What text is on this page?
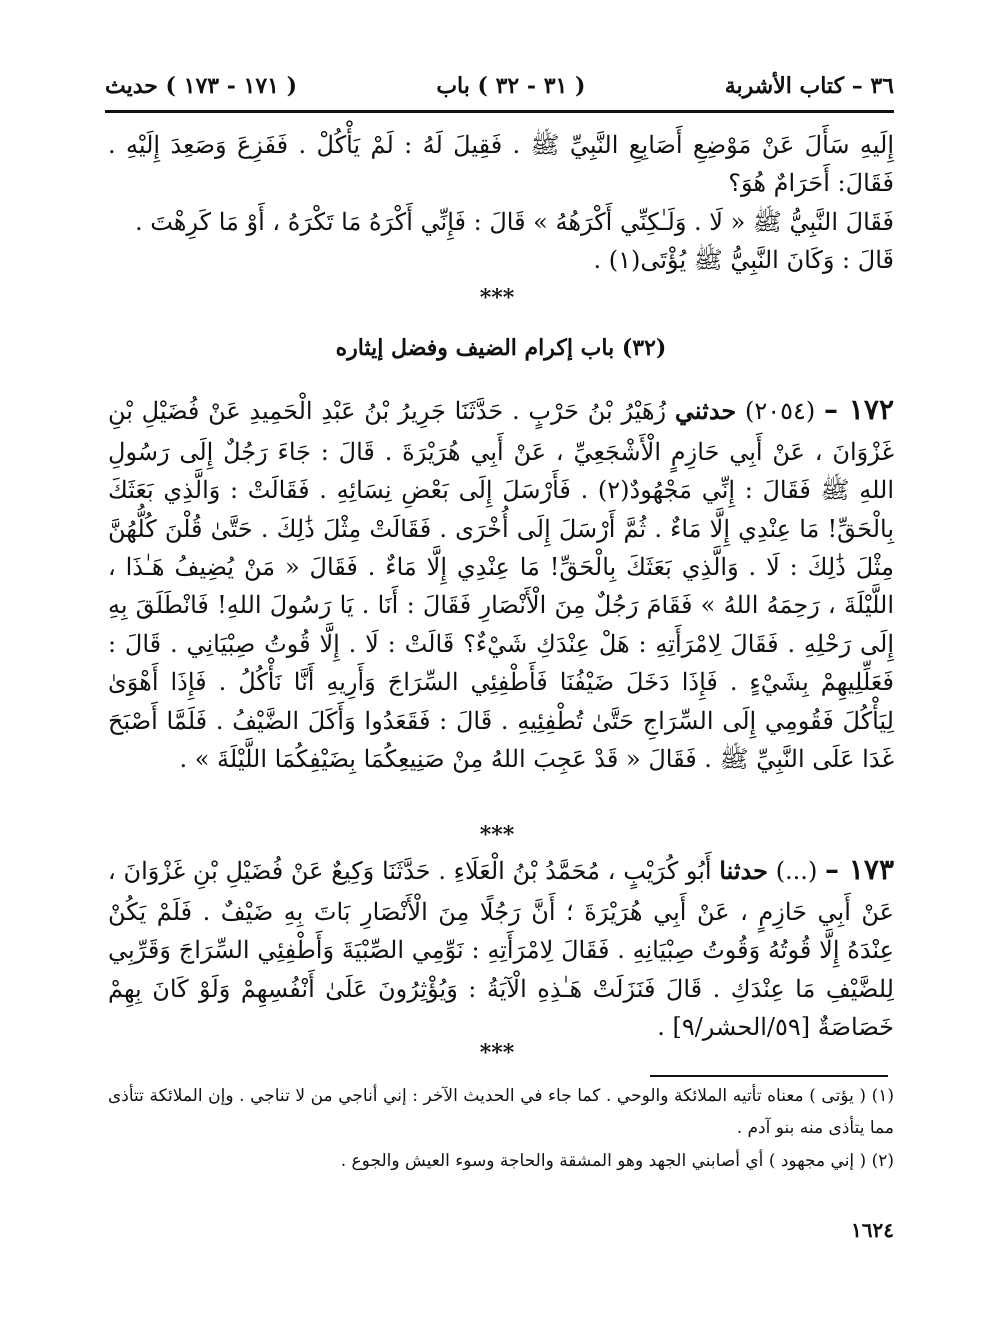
٣٦ – كتاب الأشربة
( ٣١ - ٣٢ ) باب
( ١٧١ - ١٧٣ ) حديث

إِلَيهِ سَأَلَ عَنْ مَوْضِعِ أَصَابِعِ النَّبِيِّ ﷺ . فَقِيلَ لَهُ : لَمْ يَأْكُلْ . فَفَزِعَ وَصَعِدَ إِلَيْهِ . فَقَالَ: أَحَرَامٌ هُوَ؟

فَقَالَ النَّبِيُّ ﷺ « لَا . وَلَـٰكِنِّي أَكْرَهُهُ » قَالَ : فَإِنِّي أَكْرَهُ مَا تَكْرَهُ ، أَوْ مَا كَرِهْتَ .

قَالَ : وَكَانَ النَّبِيُّ ﷺ يُؤْتَى(١) .

***
(٣٢) باب إكرام الضيف وفضل إيثاره
١٧٢ – (٢٠٥٤) حدثني زُهَيْرُ بْنُ حَرْبٍ . حَدَّثَنَا جَرِيرُ بْنُ عَبْدِ الْحَمِيدِ عَنْ فُضَيْلِ بْنِ غَزْوَانَ ، عَنْ أَبِي حَازِمٍ الْأَشْجَعِيِّ ، عَنْ أَبِي هُرَيْرَةَ . قَالَ : جَاءَ رَجُلٌ إِلَى رَسُولِ اللهِ ﷺ فَقَالَ : إِنِّي مَجْهُودٌ(٢) . فَأَرْسَلَ إِلَى بَعْضِ نِسَائِهِ . فَقَالَتْ : وَالَّذِي بَعَثَكَ بِالْحَقِّ! مَا عِنْدِي إِلَّا مَاءٌ . ثُمَّ أَرْسَلَ إِلَى أُخْرَى . فَقَالَتْ مِثْلَ ذَٰلِكَ . حَتَّىٰ قُلْنَ كُلُّهُنَّ مِثْلَ ذَٰلِكَ : لَا . وَالَّذِي بَعَثَكَ بِالْحَقِّ! مَا عِنْدِي إِلَّا مَاءٌ . فَقَالَ « مَنْ يُضِيفُ هَـٰذَا ، اللَّيْلَةَ ، رَحِمَهُ اللهُ » فَقَامَ رَجُلٌ مِنَ الْأَنْصَارِ فَقَالَ : أَنَا . يَا رَسُولَ اللهِ! فَانْطَلَقَ بِهِ إِلَى رَحْلِهِ . فَقَالَ لِامْرَأَتِهِ : هَلْ عِنْدَكِ شَيْءٌ؟ قَالَتْ : لَا . إِلَّا قُوتُ صِبْيَانِي . قَالَ : فَعَلِّلِيهِمْ بِشَيْءٍ . فَإِذَا دَخَلَ ضَيْفُنَا فَأَطْفِئِي السِّرَاجَ وَأَرِيهِ أَنَّا نَأْكُلُ . فَإِذَا أَهْوَىٰ لِيَأْكُلَ فَقُومِي إِلَى السِّرَاجِ حَتَّىٰ تُطْفِئِيهِ . قَالَ : فَقَعَدُوا وَأَكَلَ الضَّيْفُ . فَلَمَّا أَصْبَحَ غَدَا عَلَى النَّبِيِّ ﷺ . فَقَالَ « قَدْ عَجِبَ اللهُ مِنْ صَنِيعِكُمَا بِضَيْفِكُمَا اللَّيْلَةَ » .
***
١٧٣ – (...) حدثنا أَبُو كُرَيْبٍ ، مُحَمَّدُ بْنُ الْعَلَاءِ . حَدَّثَنَا وَكِيعٌ عَنْ فُضَيْلِ بْنِ غَزْوَانَ ، عَنْ أَبِي حَازِمٍ ، عَنْ أَبِي هُرَيْرَةَ ؛ أَنَّ رَجُلًا مِنَ الْأَنْصَارِ بَاتَ بِهِ ضَيْفٌ . فَلَمْ يَكُنْ عِنْدَهُ إِلَّا قُوتُهُ وَقُوتُ صِبْيَانِهِ . فَقَالَ لِامْرَأَتِهِ : نَوِّمِي الصِّبْيَةَ وَأَطْفِئِي السِّرَاجَ وَقَرِّبِي لِلضَّيْفِ مَا عِنْدَكِ . قَالَ فَنَزَلَتْ هَـٰذِهِ الْآيَةُ : وَيُؤْثِرُونَ عَلَىٰ أَنْفُسِهِمْ وَلَوْ كَانَ بِهِمْ خَصَاصَةٌ [٥٩/الحشر/٩] .
***

(١) ( يؤتى ) معناه تأتيه الملائكة والوحي . كما جاء في الحديث الآخر : إني أناجي من لا تناجي . وإن الملائكة تتأذى مما يتأذى منه بنو آدم .

(٢) ( إني مجهود ) أي أصابني الجهد وهو المشقة والحاجة وسوء العيش والجوع .

١٦٢٤
